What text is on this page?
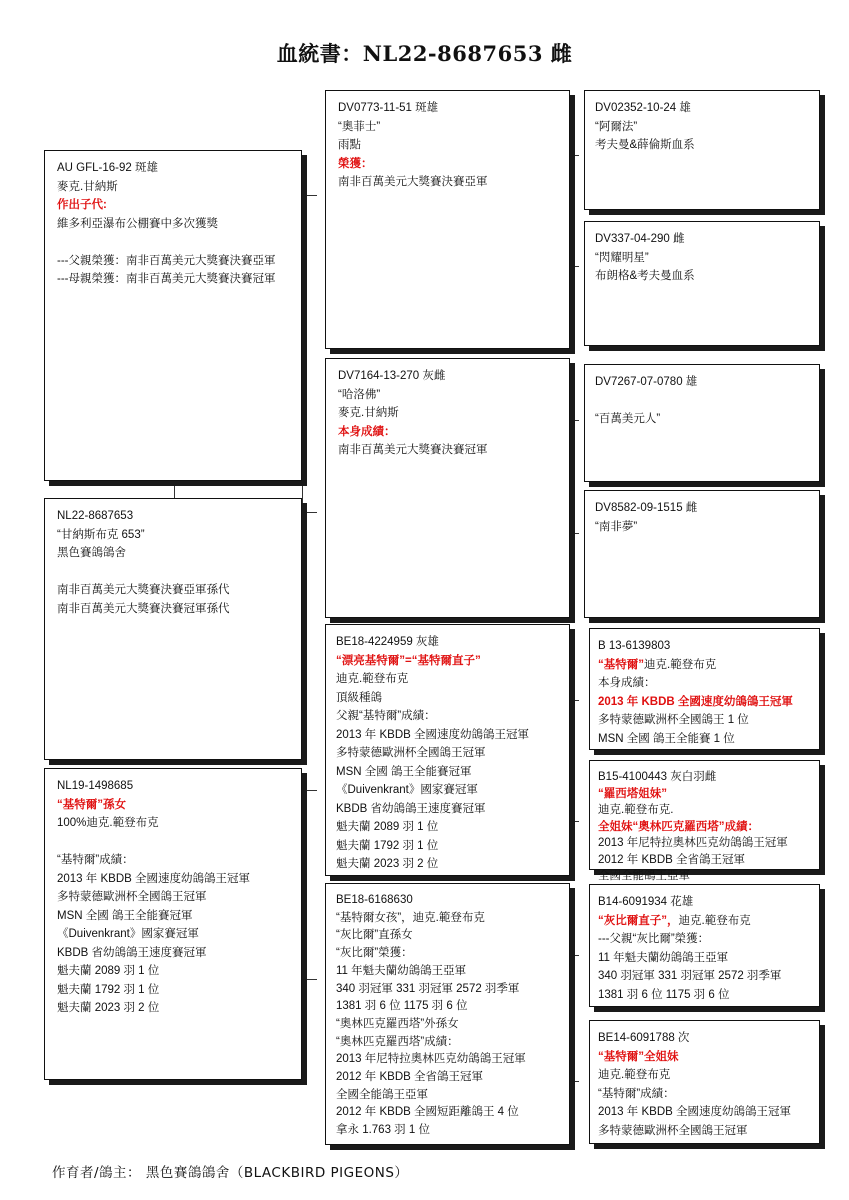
血統書：NL22-8687653 雌
AU GFL-16-92 斑雄
麥克.甘納斯
作出子代:
維多利亞瀑布公棚賽中多次獲獎

---父親榮獲：南非百萬美元大獎賽決賽亞軍
---母親榮獲：南非百萬美元大獎賽決賽冠軍
NL22-8687653
“甘納斯布克 653”
黑色賽鴿鴿舍

南非百萬美元大獎賽決賽亞軍孫代
南非百萬美元大獎賽決賽冠軍孫代
NL19-1498685
“基特爾”孫女
100%迪克.範登布克

“基特爾”成績：
2013 年 KBDB 全國速度幼鴿鴿王冠軍
多特蒙德歐洲杯全國鴿王冠軍
MSN 全國 鴿王全能賽冠軍
《Duivenkrant》國家賽冠軍
KBDB 省幼鴿鴿王速度賽冠軍
魁夫蘭 2089 羽 1 位
魁夫蘭 1792 羽 1 位
魁夫蘭 2023 羽 2 位
DV0773-11-51 斑雄
“奧菲士”
雨點
榮獲：
南非百萬美元大獎賽決賽亞軍
DV7164-13-270 灰雌
“哈洛佛”
麥克.甘納斯
本身成績：
南非百萬美元大獎賽決賽冠軍
BE18-4224959 灰雄
“漂亮基特爾”=“基特爾直子”
迪克.範登布克
頂級種鴿
父親“基特爾”成績：
2013 年 KBDB 全國速度幼鴿鴿王冠軍
多特蒙德歐洲杯全國鴿王冠軍
MSN 全國 鴿王全能賽冠軍
《Duivenkrant》國家賽冠軍
KBDB 省幼鴿鴿王速度賽冠軍
魁夫蘭 2089 羽 1 位
魁夫蘭 1792 羽 1 位
魁夫蘭 2023 羽 2 位
BE18-6168630
“基特爾女孩”，迪克.範登布克
“灰比爾”直孫女
“灰比爾”榮獲：
11 年魁夫蘭幼鴿鴿王亞軍
340 羽冠軍 331 羽冠軍 2572 羽季軍
1381 羽 6 位 1175 羽 6 位
“奧林匹克羅西塔”外孫女
“奧林匹克羅西塔”成績：
2013 年尼特拉奧林匹克幼鴿鴿王冠軍
2012 年 KBDB 全省鴿王冠軍
全國全能鴿王亞軍
2012 年 KBDB 全國短距離鴿王 4 位
拿永 1.763 羽 1 位
DV02352-10-24 雄
“阿爾法”
考夫曼&薛倫斯血系
DV337-04-290 雌
“閃耀明星”
布朗格&考夫曼血系
DV7267-07-0780 雄

“百萬美元人”
DV8582-09-1515 雌
“南非夢”
B 13-6139803
“基特爾”迪克.範登布克
本身成績：
2013 年 KBDB 全國速度幼鴿鴿王冠軍
多特蒙德歐洲杯全國鴿王 1 位
MSN 全國 鴿王全能賽 1 位
B15-4100443 灰白羽雌
“羅西塔姐妹”
迪克.範登布克.
全姐妹“奧林匹克羅西塔”成績：
2013 年尼特拉奧林匹克幼鴿鴿王冠軍
2012 年 KBDB 全省鴿王冠軍
全國全能鴿王亞軍
B14-6091934 花雄
“灰比爾直子”，迪克.範登布克
---父親“灰比爾”榮獲：
11 年魁夫蘭幼鴿鴿王亞軍
340 羽冠軍 331 羽冠軍 2572 羽季軍
1381 羽 6 位 1175 羽 6 位
BE14-6091788 次
“基特爾”全姐妹
迪克.範登布克
“基特爾”成績：
2013 年 KBDB 全國速度幼鴿鴿王冠軍
多特蒙德歐洲杯全國鴿王冠軍
作育者/鴿主： 黑色賽鴿鴿舍（BLACKBIRD PIGEONS）
